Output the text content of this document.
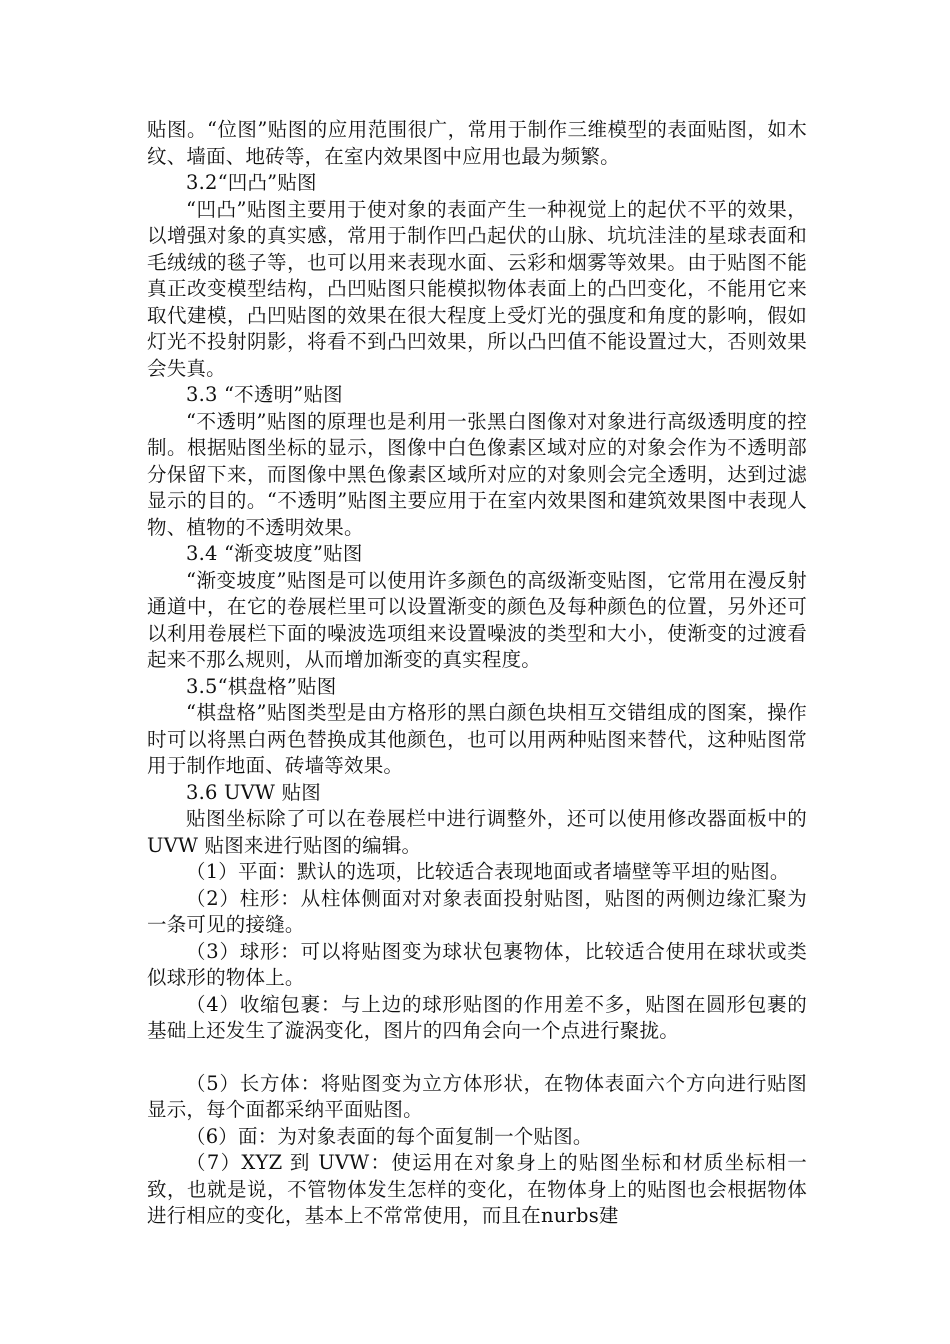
贴图。“位图”贴图的应用范围很广，常用于制作三维模型的表面贴图，如木纹、墙面、地砖等，在室内效果图中应用也最为频繁。

3.2“凹凸”贴图

“凹凸”贴图主要用于使对象的表面产生一种视觉上的起伏不平的效果，以增强对象的真实感，常用于制作凹凸起伏的山脉、坑坑洼洼的星球表面和毛绒绒的毯子等，也可以用来表现水面、云彩和烟雾等效果。由于贴图不能真正改变模型结构，凸凹贴图只能模拟物体表面上的凸凹变化，不能用它来取代建模，凸凹贴图的效果在很大程度上受灯光的强度和角度的影响，假如灯光不投射阴影，将看不到凸凹效果，所以凸凹值不能设置过大，否则效果会失真。

3.3 “不透明”贴图

“不透明”贴图的原理也是利用一张黑白图像对对象进行高级透明度的控制。根据贴图坐标的显示，图像中白色像素区域对应的对象会作为不透明部分保留下来，而图像中黑色像素区域所对应的对象则会完全透明，达到过滤显示的目的。“不透明”贴图主要应用于在室内效果图和建筑效果图中表现人物、植物的不透明效果。

3.4 “渐变坡度”贴图

“渐变坡度”贴图是可以使用许多颜色的高级渐变贴图，它常用在漫反射通道中，在它的卷展栏里可以设置渐变的颜色及每种颜色的位置，另外还可以利用卷展栏下面的噪波选项组来设置噪波的类型和大小，使渐变的过渡看起来不那么规则，从而增加渐变的真实程度。

3.5“棋盘格”贴图

“棋盘格”贴图类型是由方格形的黑白颜色块相互交错组成的图案，操作时可以将黑白两色替换成其他颜色，也可以用两种贴图来替代，这种贴图常用于制作地面、砖墙等效果。

3.6 UVW 贴图

贴图坐标除了可以在卷展栏中进行调整外，还可以使用修改器面板中的UVW 贴图来进行贴图的编辑。

（1）平面：默认的选项，比较适合表现地面或者墙壁等平坦的贴图。

（2）柱形：从柱体侧面对对象表面投射贴图，贴图的两侧边缘汇聚为一条可见的接缝。

（3）球形：可以将贴图变为球状包裹物体，比较适合使用在球状或类似球形的物体上。

（4）收缩包裹：与上边的球形贴图的作用差不多，贴图在圆形包裹的基础上还发生了漩涡变化，图片的四角会向一个点进行聚拢。

（5）长方体：将贴图变为立方体形状，在物体表面六个方向进行贴图显示，每个面都采纳平面贴图。

（6）面：为对象表面的每个面复制一个贴图。

（7）XYZ 到 UVW：使运用在对象身上的贴图坐标和材质坐标相一致，也就是说，不管物体发生怎样的变化，在物体身上的贴图也会根据物体进行相应的变化，基本上不常常使用，而且在nurbs建
